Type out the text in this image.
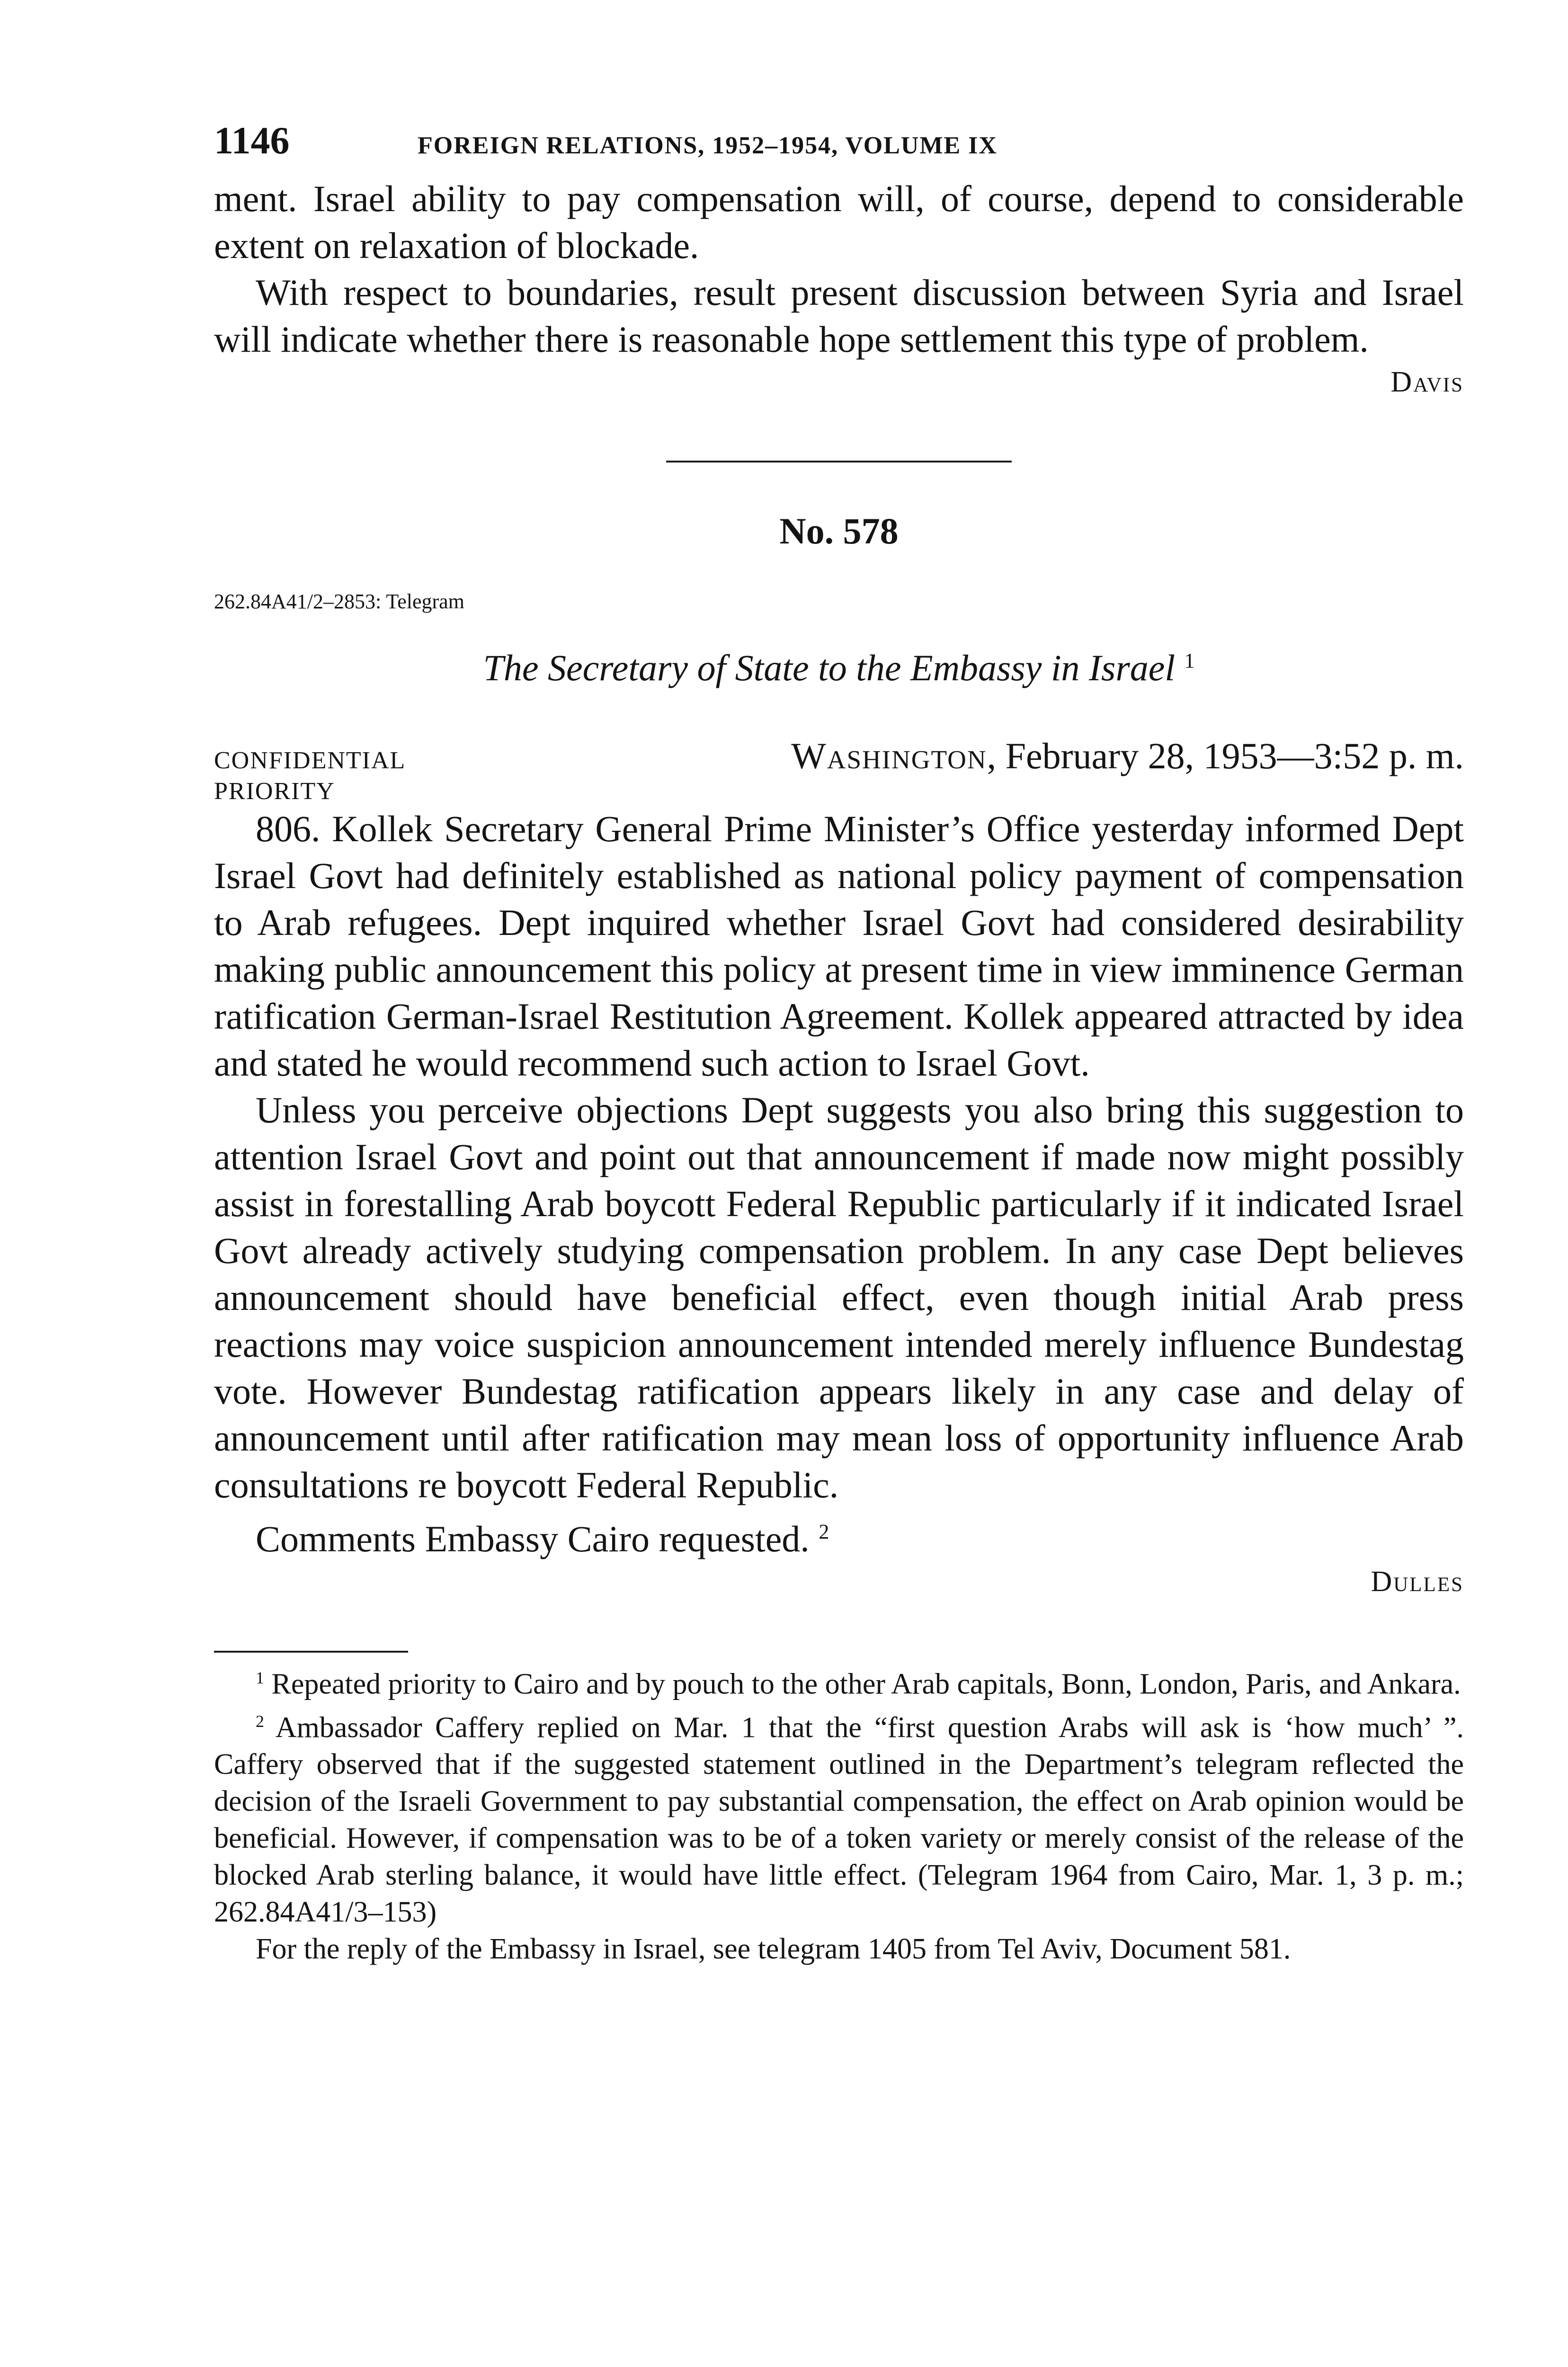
1146	FOREIGN RELATIONS, 1952–1954, VOLUME IX

ment. Israel ability to pay compensation will, of course, depend to considerable extent on relaxation of blockade.

With respect to boundaries, result present discussion between Syria and Israel will indicate whether there is reasonable hope settlement this type of problem.

Davis
No. 578
262.84A41/2–2853: Telegram
The Secretary of State to the Embassy in Israel $^1$
CONFIDENTIAL	Washington, February 28, 1953—3:52 p. m.
PRIORITY

806. Kollek Secretary General Prime Minister’s Office yesterday informed Dept Israel Govt had definitely established as national policy payment of compensation to Arab refugees. Dept inquired whether Israel Govt had considered desirability making public announcement this policy at present time in view imminence German ratification German-Israel Restitution Agreement. Kollek appeared attracted by idea and stated he would recommend such action to Israel Govt.

Unless you perceive objections Dept suggests you also bring this suggestion to attention Israel Govt and point out that announcement if made now might possibly assist in forestalling Arab boycott Federal Republic particularly if it indicated Israel Govt already actively studying compensation problem. In any case Dept believes announcement should have beneficial effect, even though initial Arab press reactions may voice suspicion announcement intended merely influence Bundestag vote. However Bundestag ratification appears likely in any case and delay of announcement until after ratification may mean loss of opportunity influence Arab consultations re boycott Federal Republic.

Comments Embassy Cairo requested. $^2$

Dulles

$^1$ Repeated priority to Cairo and by pouch to the other Arab capitals, Bonn, London, Paris, and Ankara.

$^2$ Ambassador Caffery replied on Mar. 1 that the “first question Arabs will ask is ‘how much’ ”. Caffery observed that if the suggested statement outlined in the Department’s telegram reflected the decision of the Israeli Government to pay substantial compensation, the effect on Arab opinion would be beneficial. However, if compensation was to be of a token variety or merely consist of the release of the blocked Arab sterling balance, it would have little effect. (Telegram 1964 from Cairo, Mar. 1, 3 p. m.; 262.84A41/3–153)

For the reply of the Embassy in Israel, see telegram 1405 from Tel Aviv, Document 581.
